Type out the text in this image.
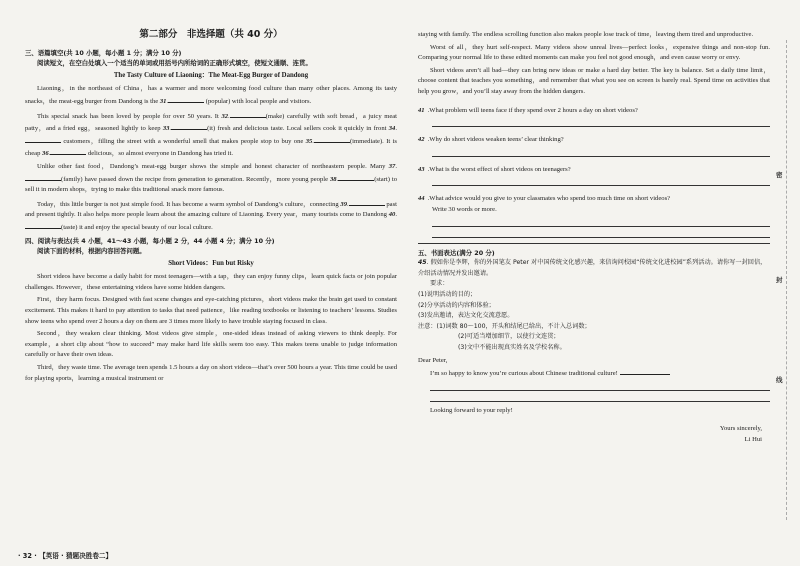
第二部分　非选择题（共 40 分）

三、语篇填空(共 10 小题，每小题 1 分；满分 10 分)

阅读短文，在空白处填入一个适当的单词或用括号内所给词的正确形式填空，使短文通顺、连贯。

The Tasty Culture of Liaoning：The Meat-Egg Burger of Dandong

Liaoning，in the northeast of China，has a warmer and more welcoming food culture than many other places. Among its tasty snacks，the meat-egg burger from Dandong is the 31.	(popular) with local people and visitors.

This special snack has been loved by people for over 50 years. It 32.	(make) carefully with soft bread，a juicy meat patty，and a fried egg，seasoned lightly to keep 33.	(it) fresh and delicious taste. Local sellers cook it quickly in front 34. customers，filling the street with a wonderful smell that makes people stop to buy one 35.	(immediate). It is cheap 36.	delicious，so almost everyone in Dandong has tried it.

Unlike other fast food，Dandong’s meat-egg burger shows the simple and honest character of northeastern people. Many 37.(family) have passed down the recipe from generation to generation. Recently，more young people 38.	(start) to sell it in modern shops，trying to make this traditional snack more famous.

Today，this little burger is not just simple food. It has become a warm symbol of Dandong’s culture，connecting 39.	past and present tightly. It also helps more people learn about the amazing culture of Liaoning. Every year，many tourists come to Dandong 40.(taste) it and enjoy the special beauty of our local culture.

四、阅读与表达(共 4 小题，41～43 小题，每小题 2 分，44 小题 4 分；满分 10 分)

阅读下面的材料，根据内容回答问题。

Short Videos：Fun but Risky

Short videos have become a daily habit for most teenagers—with a tap，they can enjoy funny clips，learn quick facts or join popular challenges. However，these entertaining videos have some hidden dangers.

First，they harm focus. Designed with fast scene changes and eye-catching pictures，short videos make the brain get used to constant excitement. This makes it hard to pay attention to tasks that need patience，like reading textbooks or listening to teachers’ lessons. Studies show teens who spend over 2 hours a day on them are 3 times more likely to have trouble staying focused in class.

Second，they weaken clear thinking. Most videos give simple，one-sided ideas instead of asking viewers to think deeply. For example，a short clip about “how to succeed” may make hard life skills seem too easy. This makes teens unable to judge information carefully or have their own ideas.

Third，they waste time. The average teen spends 1.5 hours a day on short videos—that’s over 500 hours a year. This time could be used for playing sports，learning a musical instrument or

staying with family. The endless scrolling function also makes people lose track of time，leaving them tired and unproductive.

Worst of all，they hurt self-respect. Many videos show unreal lives—perfect looks，expensive things and non-stop fun. Comparing your normal life to these edited moments can make you feel not good enough，and even cause worry or envy.

Short videos aren’t all bad—they can bring new ideas or make a hard day better. The key is balance. Set a daily time limit，choose content that teaches you something，and remember that what you see on screen is barely real. Spend time on activities that help you grow，and you’ll stay away from the hidden dangers.

41 . What problem will teens face if they spend over 2 hours a day on short videos?
42 . Why do short videos weaken teens’ clear thinking?
43 . What is the worst effect of short videos on teenagers?
44 . What advice would you give to your classmates who spend too much time on short videos?
Write 30 words or more.

五、书面表达(满分 20 分)

45. 假如你是李辉，你的外国笔友 Peter 对中国传统文化感兴趣，来信询问校园“传统文化进校园”系列活动。请你写一封回信，介绍活动情况并发出邀请。

要求：

(1)说明活动的目的；

(2)分享活动的内容和体验；

(3)发出邀请，表达文化交流意愿。

注意：(1)词数 80～100，开头和结尾已给出，不计入总词数；

(2)可适当增加细节，以使行文连贯；

(3)文中不能出现真实姓名及学校名称。

Dear Peter,

I’m so happy to know you’re curious about Chinese traditional culture!

Looking forward to your reply!

Yours sincerely,

Li Hui

密
封
线
· 32 · 【英语 · 猜题决胜卷二】
